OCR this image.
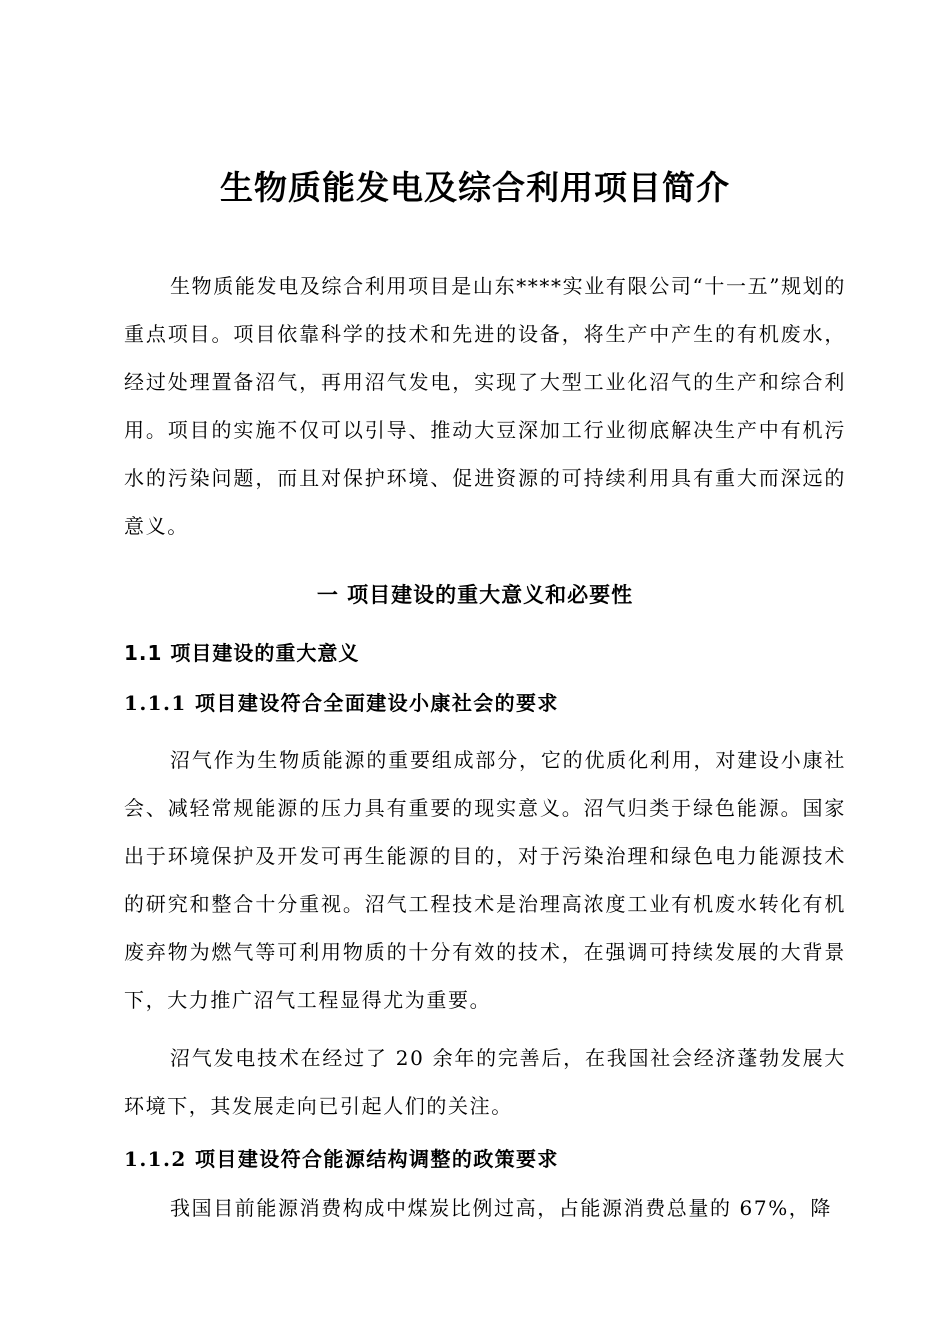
生物质能发电及综合利用项目简介

生物质能发电及综合利用项目是山东****实业有限公司“十一五”规划的重点项目。项目依靠科学的技术和先进的设备，将生产中产生的有机废水，经过处理置备沼气，再用沼气发电，实现了大型工业化沼气的生产和综合利用。项目的实施不仅可以引导、推动大豆深加工行业彻底解决生产中有机污水的污染问题，而且对保护环境、促进资源的可持续利用具有重大而深远的意义。

一 项目建设的重大意义和必要性
1.1 项目建设的重大意义
1.1.1 项目建设符合全面建设小康社会的要求

沼气作为生物质能源的重要组成部分，它的优质化利用，对建设小康社会、减轻常规能源的压力具有重要的现实意义。沼气归类于绿色能源。国家出于环境保护及开发可再生能源的目的，对于污染治理和绿色电力能源技术的研究和整合十分重视。沼气工程技术是治理高浓度工业有机废水转化有机废弃物为燃气等可利用物质的十分有效的技术，在强调可持续发展的大背景下，大力推广沼气工程显得尤为重要。

沼气发电技术在经过了 20 余年的完善后，在我国社会经济蓬勃发展大环境下，其发展走向已引起人们的关注。

1.1.2 项目建设符合能源结构调整的政策要求

我国目前能源消费构成中煤炭比例过高，占能源消费总量的 67%，降
